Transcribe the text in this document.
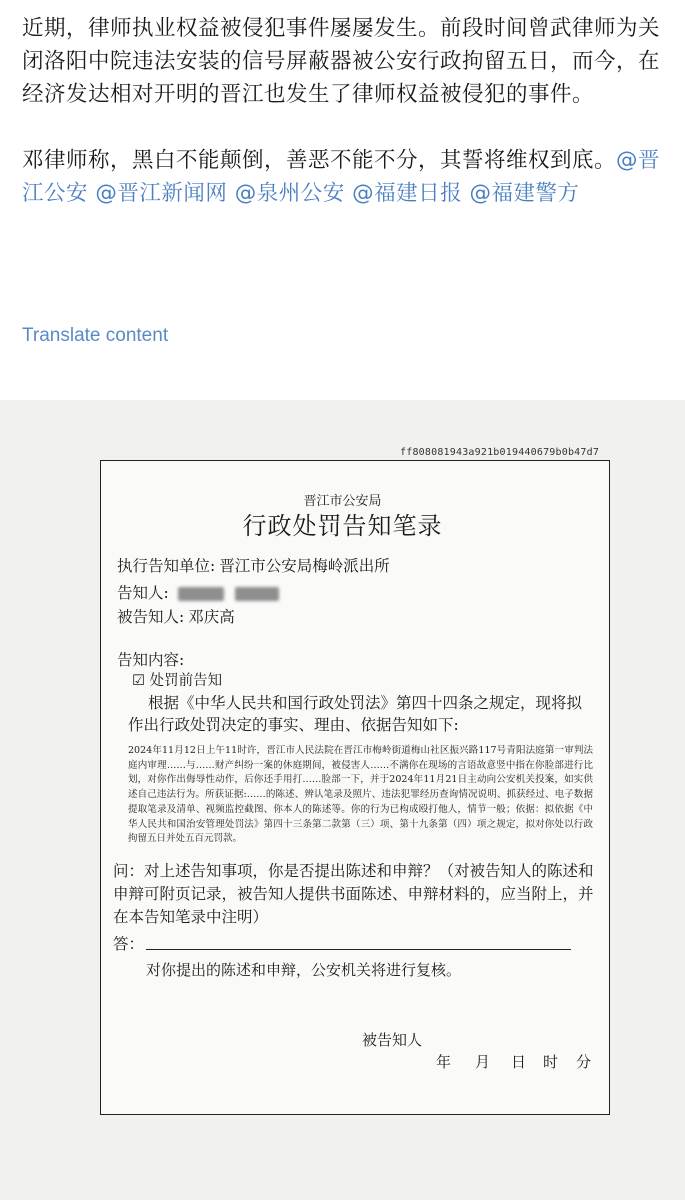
近期，律师执业权益被侵犯事件屡屡发生。前段时间曾武律师为关闭洛阳中院违法安装的信号屏蔽器被公安行政拘留五日，而今，在经济发达相对开明的晋江也发生了律师权益被侵犯的事件。
邓律师称，黑白不能颠倒，善恶不能不分，其誓将维权到底。@晋江公安 @晋江新闻网 @泉州公安 @福建日报 @福建警方
Translate content
ff808081943a921b019440679b0b47d7
晋江市公安局
行政处罚告知笔录
执行告知单位: 晋江市公安局梅岭派出所
告知人:
被告知人: 邓庆高
告知内容:
☑ 处罚前告知
根据《中华人民共和国行政处罚法》第四十四条之规定，现将拟作出行政处罚决定的事实、理由、依据告知如下:
2024年11月12日上午11时许，晋江市人民法院在晋江市梅岭街道梅山社区振兴路117号青阳法庭第一审判法庭内审理……与……财产纠纷一案的休庭期间，被侵害人……不满你在现场的言语故意竖中指在你脸部进行比划，对你作出侮辱性动作，后你还手用打……脸部一下，并于2024年11月21日主动向公安机关投案，如实供述自己违法行为。所获证据:……的陈述、辨认笔录及照片、违法犯罪经历查询情况说明、抓获经过、电子数据提取笔录及清单、视频监控截图、你本人的陈述等。你的行为已构成殴打他人，情节一般；依据：拟依据《中华人民共和国治安管理处罚法》第四十三条第二款第（三）项、第十九条第（四）项之规定，拟对你处以行政拘留五日并处五百元罚款。
问：对上述告知事项，你是否提出陈述和申辩？（对被告知人的陈述和申辩可附页记录，被告知人提供书面陈述、申辩材料的，应当附上，并在本告知笔录中注明）
答：
对你提出的陈述和申辩，公安机关将进行复核。
被告知人
年 月 日 时 分
